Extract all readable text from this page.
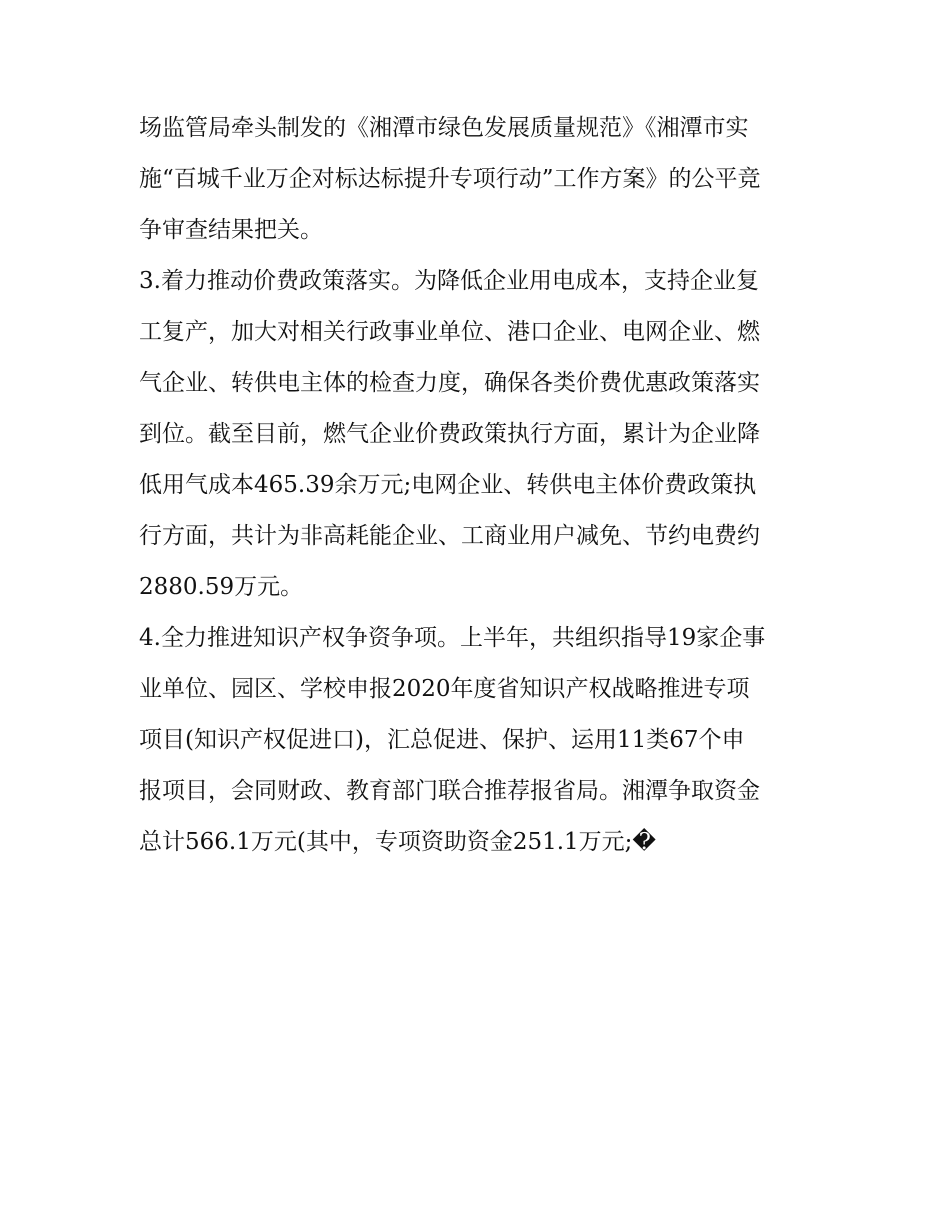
场监管局牵头制发的《湘潭市绿色发展质量规范》《湘潭市实
施“百城千业万企对标达标提升专项行动”工作方案》的公平竞
争审查结果把关。
3.着力推动价费政策落实。为降低企业用电成本，支持企业复
工复产，加大对相关行政事业单位、港口企业、电网企业、燃
气企业、转供电主体的检查力度，确保各类价费优惠政策落实
到位。截至目前，燃气企业价费政策执行方面，累计为企业降
低用气成本465.39余万元;电网企业、转供电主体价费政策执
行方面，共计为非高耗能企业、工商业用户减免、节约电费约
2880.59万元。
4.全力推进知识产权争资争项。上半年，共组织指导19家企事
业单位、园区、学校申报2020年度省知识产权战略推进专项
项目(知识产权促进口)，汇总促进、保护、运用11类67个申
报项目，会同财政、教育部门联合推荐报省局。湘潭争取资金
总计566.1万元(其中，专项资助资金251.1万元;�
